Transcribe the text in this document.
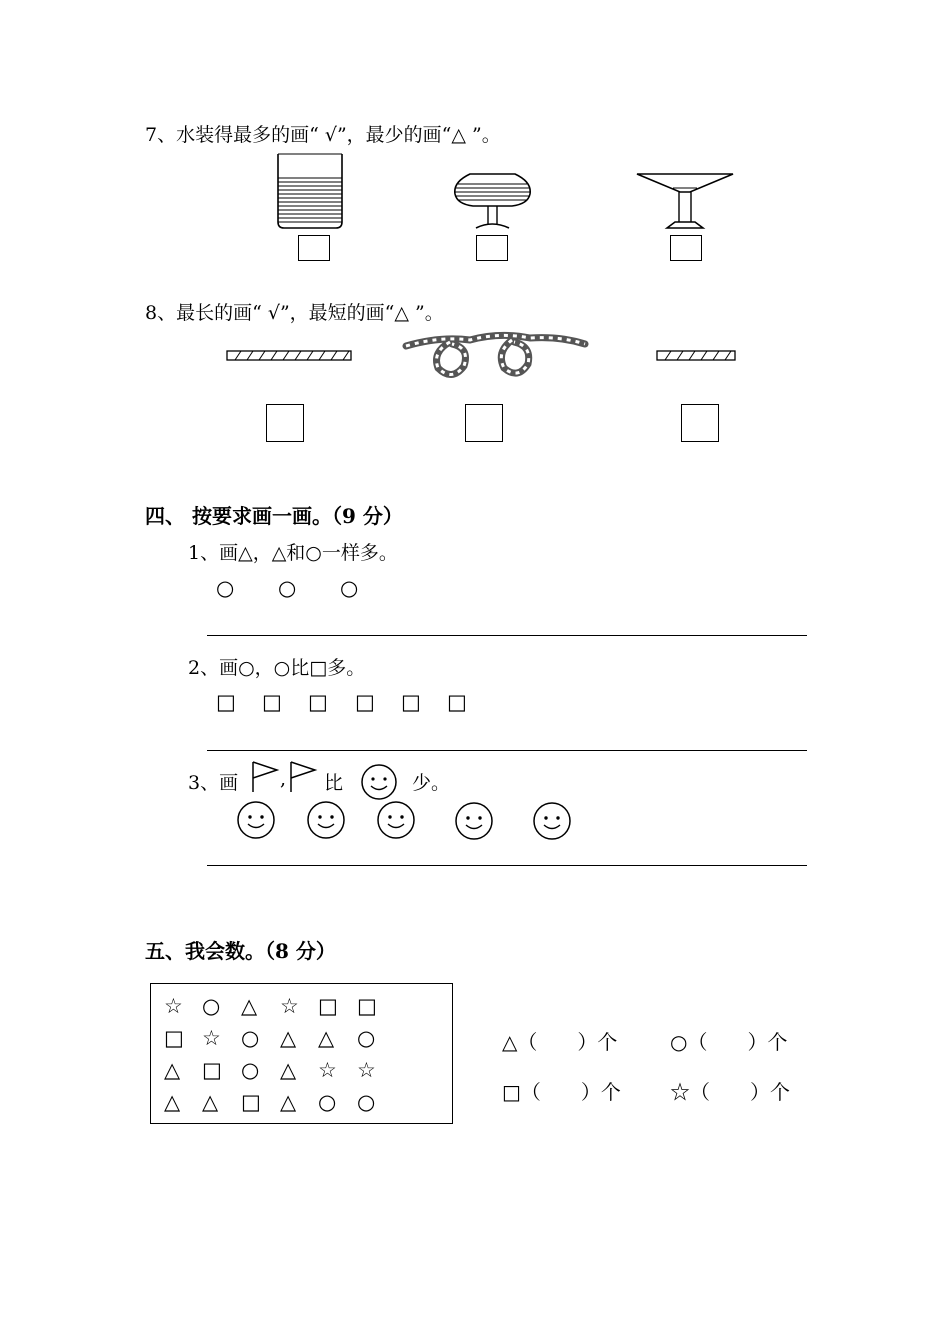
7、水装得最多的画“ √”，最少的画“△ ”。
8、最长的画“ √”，最短的画“△ ”。
四、 按要求画一画。（9 分）
1、画△，△和○一样多。
○ ○ ○
2、画○，○比□多。
□ □ □ □ □ □
3、画 , 比	少。
五、我会数。（8 分）
☆ ○ △ ☆ □ □
□ ☆ ○ △ △ ○
△ □ ○ △ ☆ ☆
△ △ □ △ ○ ○
△（　　）个	○（　　）个
□（　　）个 ☆（　　）个
